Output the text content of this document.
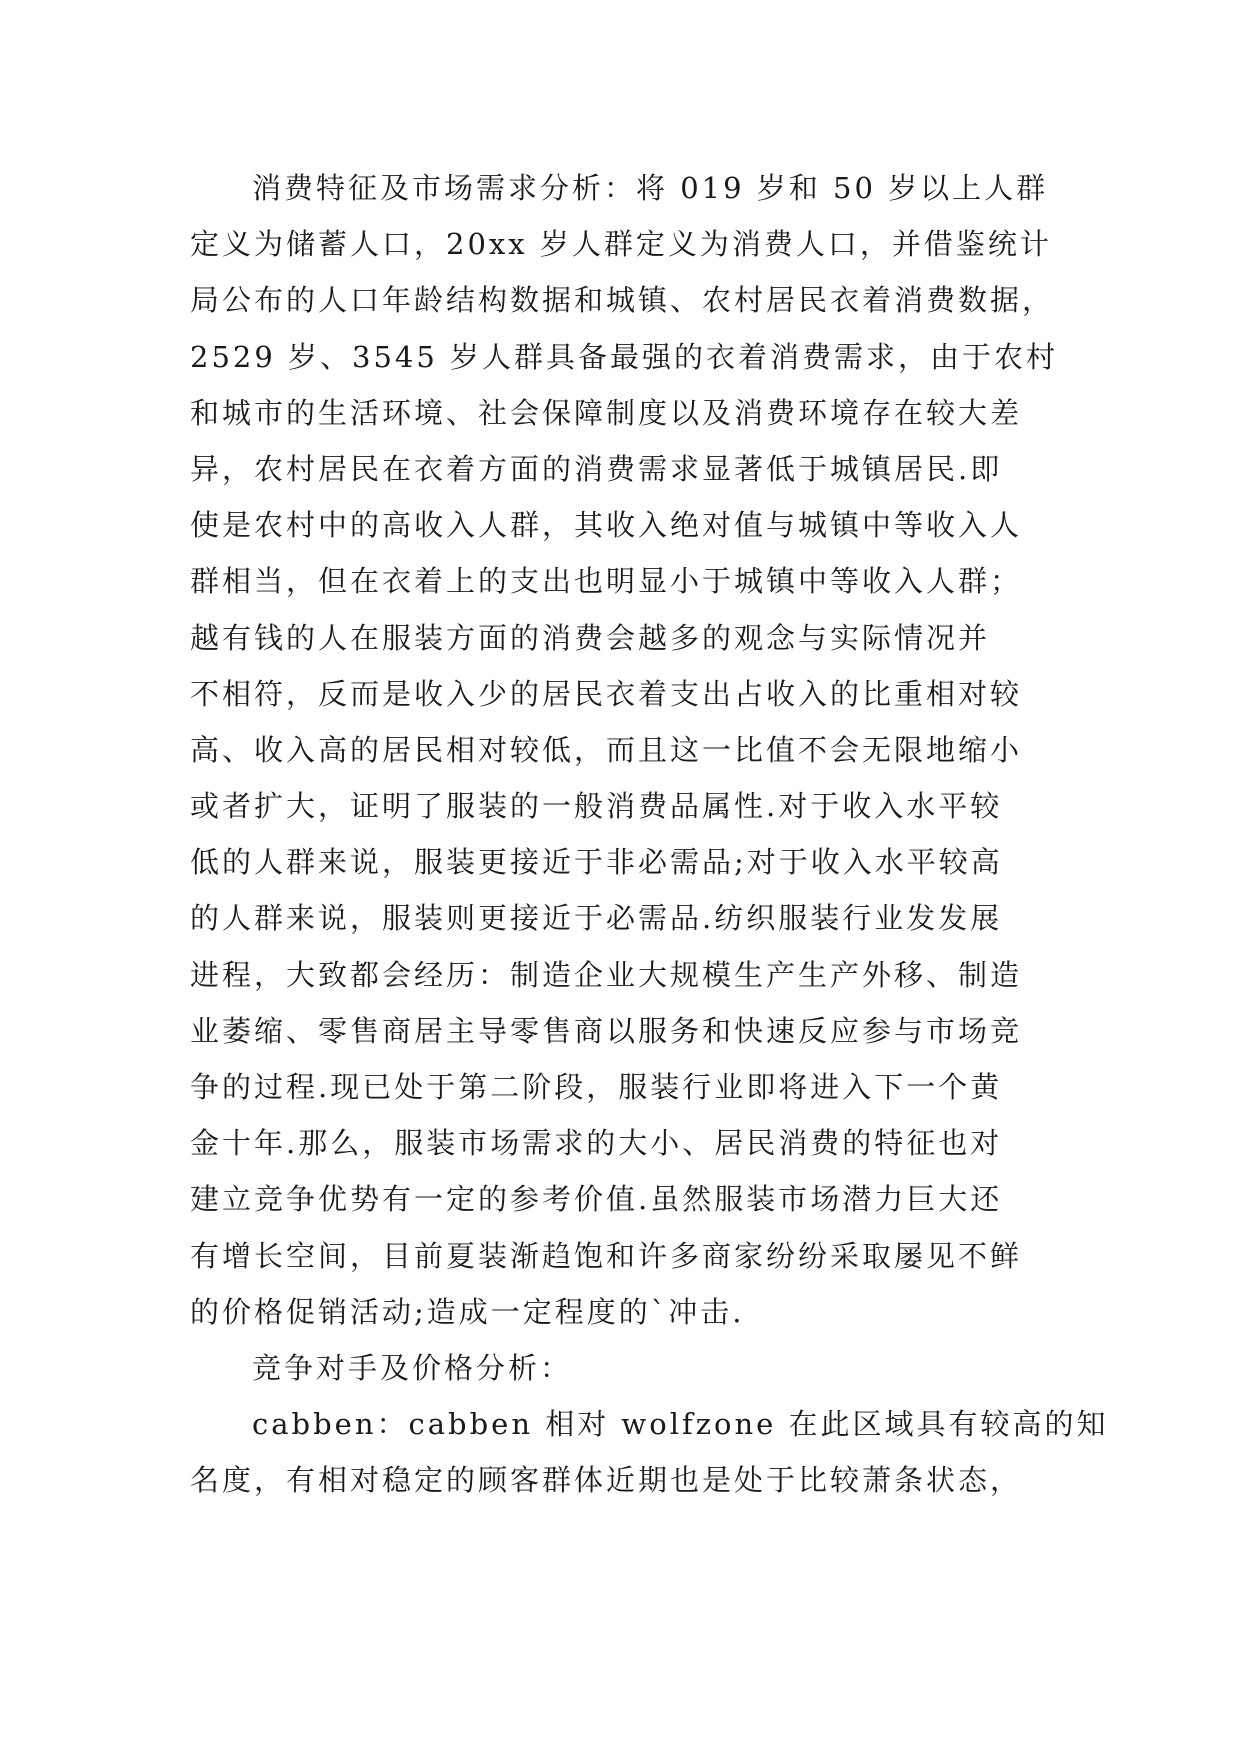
消费特征及市场需求分析：将 019 岁和 50 岁以上人群
定义为储蓄人口，20xx 岁人群定义为消费人口，并借鉴统计
局公布的人口年龄结构数据和城镇、农村居民衣着消费数据，
2529 岁、3545 岁人群具备最强的衣着消费需求，由于农村
和城市的生活环境、社会保障制度以及消费环境存在较大差
异，农村居民在衣着方面的消费需求显著低于城镇居民.即
使是农村中的高收入人群，其收入绝对值与城镇中等收入人
群相当，但在衣着上的支出也明显小于城镇中等收入人群；
越有钱的人在服装方面的消费会越多的观念与实际情况并
不相符，反而是收入少的居民衣着支出占收入的比重相对较
高、收入高的居民相对较低，而且这一比值不会无限地缩小
或者扩大，证明了服装的一般消费品属性.对于收入水平较
低的人群来说，服装更接近于非必需品;对于收入水平较高
的人群来说，服装则更接近于必需品.纺织服装行业发发展
进程，大致都会经历：制造企业大规模生产生产外移、制造
业萎缩、零售商居主导零售商以服务和快速反应参与市场竞
争的过程.现已处于第二阶段，服装行业即将进入下一个黄
金十年.那么，服装市场需求的大小、居民消费的特征也对
建立竞争优势有一定的参考价值.虽然服装市场潜力巨大还
有增长空间，目前夏装渐趋饱和许多商家纷纷采取屡见不鲜
的价格促销活动;造成一定程度的`冲击.
竞争对手及价格分析：
cabben：cabben 相对 wolfzone 在此区域具有较高的知
名度，有相对稳定的顾客群体近期也是处于比较萧条状态，
